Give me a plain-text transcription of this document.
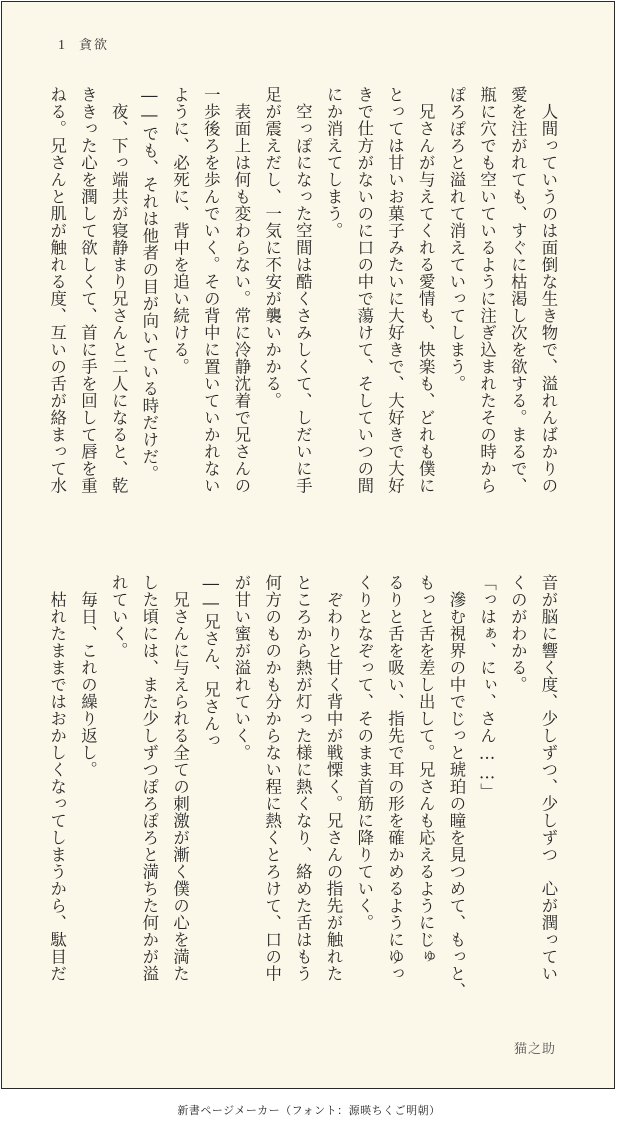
1 貪欲
　人間っていうのは面倒な生き物で、溢れんばかりの
愛を注がれても、すぐに枯渇し次を欲する。まるで、
瓶に穴でも空いているように注ぎ込まれたその時から
ぽろぽろと溢れて消えていってしまう。
　兄さんが与えてくれる愛情も、快楽も、どれも僕に
とっては甘いお菓子みたいに大好きで、大好きで大好
きで仕方がないのに口の中で蕩けて、そしていつの間
にか消えてしまう。
　空っぽになった空間は酷くさみしくて、しだいに手
足が震えだし、一気に不安が襲いかかる。
　表面上は何も変わらない。常に冷静沈着で兄さんの
一歩後ろを歩んでいく。その背中に置いていかれない
ように、必死に、背中を追い続ける。
――でも、それは他者の目が向いている時だけだ。
　夜、下っ端共が寝静まり兄さんと二人になると、乾
ききった心を潤して欲しくて、首に手を回して唇を重
ねる。兄さんと肌が触れる度、互いの舌が絡まって水
音が脳に響く度、少しずつ、少しずつ　心が潤ってい
くのがわかる。
「っはぁ、にぃ、さん……」
　滲む視界の中でじっと琥珀の瞳を見つめて、もっと、
もっと舌を差し出して。兄さんも応えるようにじゅ
るりと舌を吸い、指先で耳の形を確かめるようにゆっ
くりとなぞって、そのまま首筋に降りていく。
　ぞわりと甘く背中が戦慄く。兄さんの指先が触れた
ところから熱が灯った様に熱くなり、絡めた舌はもう
何方のものかも分からない程に熱くとろけて、口の中
が甘い蜜が溢れていく。
――兄さん、兄さんっ
　兄さんに与えられる全ての刺激が漸く僕の心を満た
した頃には、また少しずつぽろぽろと満ちた何かが溢
れていく。
　毎日、これの繰り返し。
　枯れたままではおかしくなってしまうから、駄目だ
猫之助
新書ページメーカー（フォント：源暎ちくご明朝）
